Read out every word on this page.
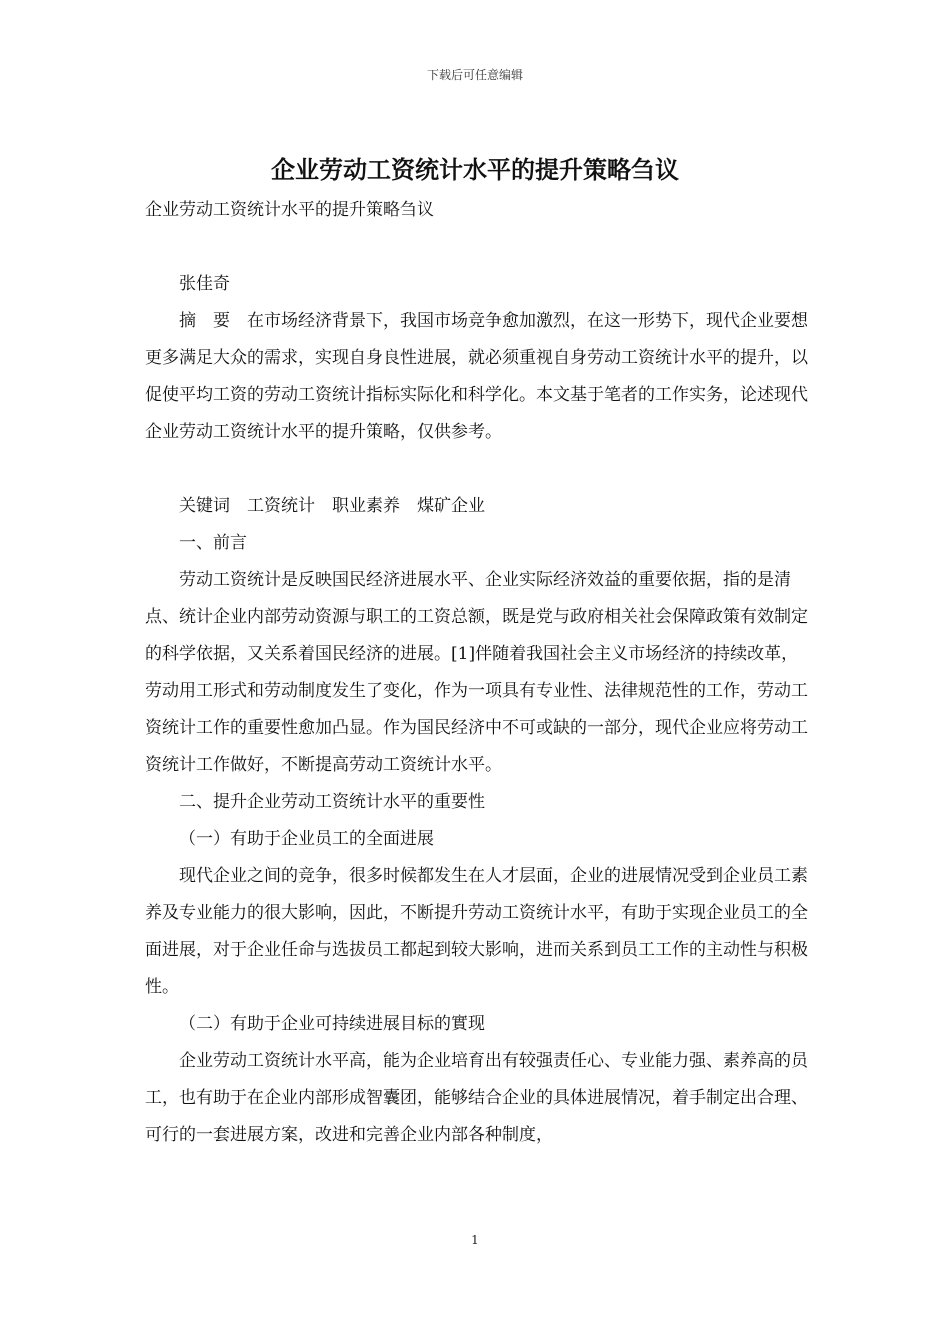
下载后可任意编辑
企业劳动工资统计水平的提升策略刍议

企业劳动工资统计水平的提升策略刍议

张佳奇

摘　要　在市场经济背景下，我国市场竞争愈加激烈，在这一形势下，现代企业要想更多满足大众的需求，实现自身良性进展，就必须重视自身劳动工资统计水平的提升，以促使平均工资的劳动工资统计指标实际化和科学化。本文基于笔者的工作实务，论述现代企业劳动工资统计水平的提升策略，仅供参考。

关键词　工资统计　职业素养　煤矿企业

一、前言

劳动工资统计是反映国民经济进展水平、企业实际经济效益的重要依据，指的是清点、统计企业内部劳动资源与职工的工资总额，既是党与政府相关社会保障政策有效制定的科学依据，又关系着国民经济的进展。[1]伴随着我国社会主义市场经济的持续改革，劳动用工形式和劳动制度发生了变化，作为一项具有专业性、法律规范性的工作，劳动工资统计工作的重要性愈加凸显。作为国民经济中不可或缺的一部分，现代企业应将劳动工资统计工作做好，不断提高劳动工资统计水平。

二、提升企业劳动工资统计水平的重要性

（一）有助于企业员工的全面进展

现代企业之间的竞争，很多时候都发生在人才层面，企业的进展情况受到企业员工素养及专业能力的很大影响，因此，不断提升劳动工资统计水平，有助于实现企业员工的全面进展，对于企业任命与选拔员工都起到较大影响，进而关系到员工工作的主动性与积极性。

（二）有助于企业可持续进展目标的實现

企业劳动工资统计水平高，能为企业培育出有较强责任心、专业能力强、素养高的员工，也有助于在企业内部形成智囊团，能够结合企业的具体进展情况，着手制定出合理、可行的一套进展方案，改进和完善企业内部各种制度，

1
